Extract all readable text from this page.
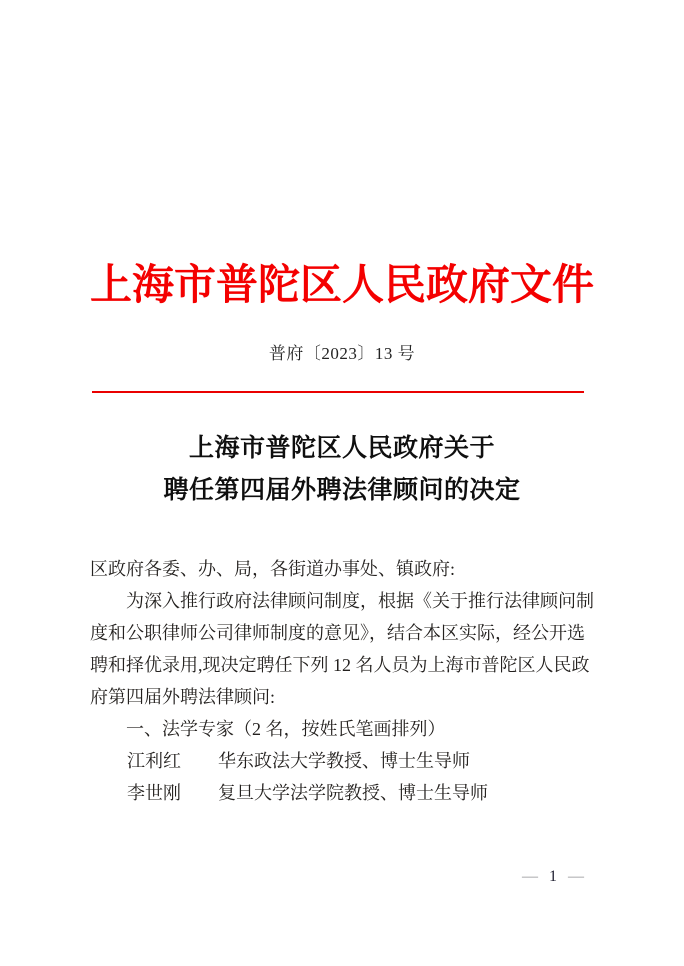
上海市普陀区人民政府文件
普府〔2023〕13 号
上海市普陀区人民政府关于
聘任第四届外聘法律顾问的决定
区政府各委、办、局，各街道办事处、镇政府:
为深入推行政府法律顾问制度，根据《关于推行法律顾问制
度和公职律师公司律师制度的意见》，结合本区实际，经公开选
聘和择优录用,现决定聘任下列 12 名人员为上海市普陀区人民政
府第四届外聘法律顾问:
一、法学专家（2 名，按姓氏笔画排列）
江利红	华东政法大学教授、博士生导师
李世刚	复旦大学法学院教授、博士生导师
— 1 —
